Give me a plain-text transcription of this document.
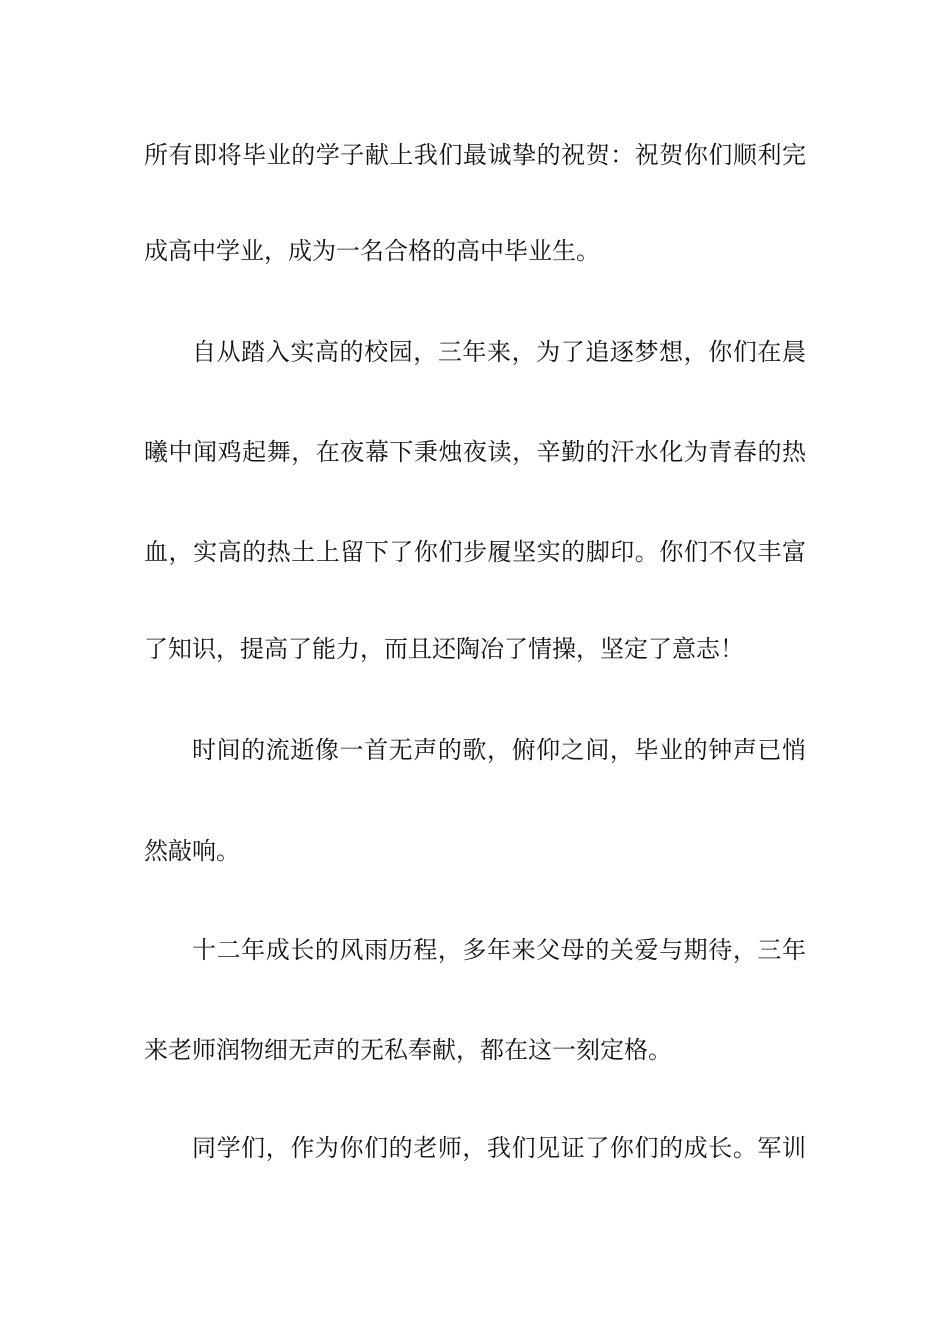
所有即将毕业的学子献上我们最诚挚的祝贺：祝贺你们顺利完
成高中学业，成为一名合格的高中毕业生。
自从踏入实高的校园，三年来，为了追逐梦想，你们在晨
曦中闻鸡起舞，在夜幕下秉烛夜读，辛勤的汗水化为青春的热
血，实高的热土上留下了你们步履坚实的脚印。你们不仅丰富
了知识，提高了能力，而且还陶冶了情操，坚定了意志！
时间的流逝像一首无声的歌，俯仰之间，毕业的钟声已悄
然敲响。
十二年成长的风雨历程，多年来父母的关爱与期待，三年
来老师润物细无声的无私奉献，都在这一刻定格。
同学们，作为你们的老师，我们见证了你们的成长。军训
